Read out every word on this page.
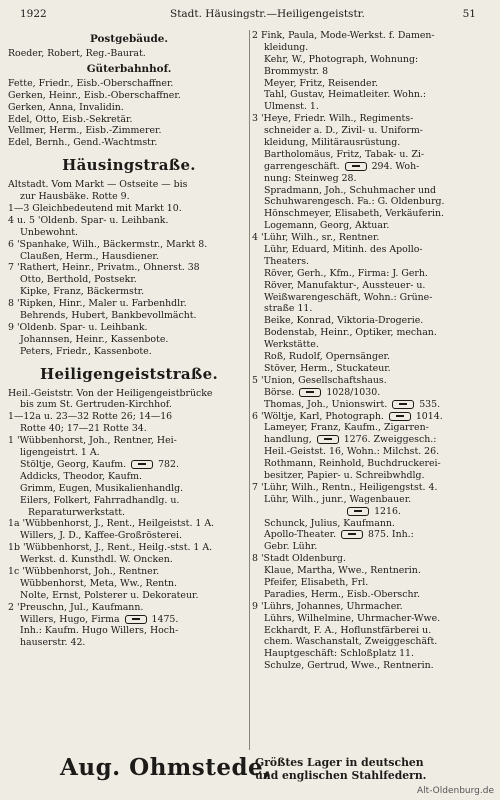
1922	Stadt. Häusingstr.—Heiligengeiststr.	51
Postgebäude.
Roeder, Robert, Reg.-Baurat.
Güterbahnhof.
Fette, Friedr., Eisb.-Oberschaffner.
Gerken, Heinr., Eisb.-Oberschaffner.
Gerken, Anna, Invalidin.
Edel, Otto, Eisb.-Sekretär.
Vellmer, Herm., Eisb.-Zimmerer.
Edel, Bernh., Gend.-Wachtmstr.
Häusingstraße.
Altstadt. Vom Markt — Ostseite — bis
zur Hausbäke. Rotte 9.
1—3 Gleichbedeutend mit Markt 10.
4 u. 5 'Oldenb. Spar- u. Leihbank.
Unbewohnt.
6 'Spanhake, Wilh., Bäckermstr., Markt 8.
Claußen, Herm., Hausdiener.
7 'Rathert, Heinr., Privatm., Ohnerst. 38
Otto, Berthold, Postsekr.
Kipke, Franz, Bäckermstr.
8 'Ripken, Hinr., Maler u. Farbenhdlr.
Behrends, Hubert, Bankbevollmächt.
9 'Oldenb. Spar- u. Leihbank.
Johannsen, Heinr., Kassenbote.
Peters, Friedr., Kassenbote.
Heiligengeiststraße.
Heil.-Geiststr. Von der Heiligengeistbrücke
bis zum St. Gertruden-Kirchhof.
1—12a u. 23—32 Rotte 26; 14—16
Rotte 40; 17—21 Rotte 34.
1 'Wübbenhorst, Joh., Rentner, Hei-
ligengeistrt. 1 A.
Stöltje, Georg, Kaufm.	782.
Addicks, Theodor, Kaufm.
Grimm, Eugen, Musikalienhandlg.
Eilers, Folkert, Fahrradhandlg. u.
Reparaturwerkstatt.
1a 'Wübbenhorst, J., Rent., Heilgeistst. 1 A.
Willers, J. D., Kaffee-Großrösterei.
1b 'Wübbenhorst, J., Rent., Heilg.-stst. 1 A.
Werkst. d. Kunsthdl. W. Oncken.
1c 'Wübbenhorst, Joh., Rentner.
Wübbenhorst, Meta, Ww., Rentn.
Nolte, Ernst, Polsterer u. Dekorateur.
2 'Preuschn, Jul., Kaufmann.
Willers, Hugo, Firma	1475.
Inh.: Kaufm. Hugo Willers, Hoch-
hauserstr. 42.
2 Fink, Paula, Mode-Werkst. f. Damen-
kleidung.
Kehr, W., Photograph, Wohnung:
Brommystr. 8
Meyer, Fritz, Reisender.
Tahl, Gustav, Heimatleiter. Wohn.:
Ulmenst. 1.
3 'Heye, Friedr. Wilh., Regiments-
schneider a. D., Zivil- u. Uniform-
kleidung, Militärausrüstung.
Bartholomäus, Fritz, Tabak- u. Zi-
garrengeschäft.	294. Woh-
nung: Steinweg 28.
Spradmann, Joh., Schuhmacher und
Schuhwarengesch. Fa.: G. Oldenburg.
Hönschmeyer, Elisabeth, Verkäuferin.
Logemann, Georg, Aktuar.
4 'Lühr, Wilh., sr., Rentner.
Lühr, Eduard, Mitinh. des Apollo-
Theaters.
Röver, Gerh., Kfm., Firma: J. Gerh.
Röver, Manufaktur-, Aussteuer- u.
Weißwarengeschäft, Wohn.: Grüne-
straße 11.
Beike, Konrad, Viktoria-Drogerie.
Bodenstab, Heinr., Optiker, mechan.
Werkstätte.
Roß, Rudolf, Opernsänger.
Stöver, Herm., Stuckateur.
5 'Union, Gesellschaftshaus.
Börse.	1028/1030.
Thomas, Joh., Unionswirt.	535.
6 'Wöltje, Karl, Photograph.	1014.
Lameyer, Franz, Kaufm., Zigarren-
handlung,	1276. Zweiggesch.:
Heil.-Geistst. 16, Wohn.: Milchst. 26.
Rothmann, Reinhold, Buchdruckerei-
besitzer, Papier- u. Schreibwhdlg.
7 'Lühr, Wilh., Rentn., Heiligengstst. 4.
Lühr, Wilh., junr., Wagenbauer.
1216.
Schunck, Julius, Kaufmann.
Apollo-Theater.	875. Inh.:
Gebr. Lühr.
8 'Stadt Oldenburg.
Klaue, Martha, Wwe., Rentnerin.
Pfeifer, Elisabeth, Frl.
Paradies, Herm., Eisb.-Oberschr.
9 'Lührs, Johannes, Uhrmacher.
Lührs, Wilhelmine, Uhrmacher-Wwe.
Eckhardt, F. A., Hoflunstfärberei u.
chem. Waschanstalt, Zweiggeschäft.
Hauptgeschäft: Schloßplatz 11.
Schulze, Gertrud, Wwe., Rentnerin.
Aug. Ohmstede,
Größtes Lager in deutschen
und englischen Stahlfedern.
Alt-Oldenburg.de
